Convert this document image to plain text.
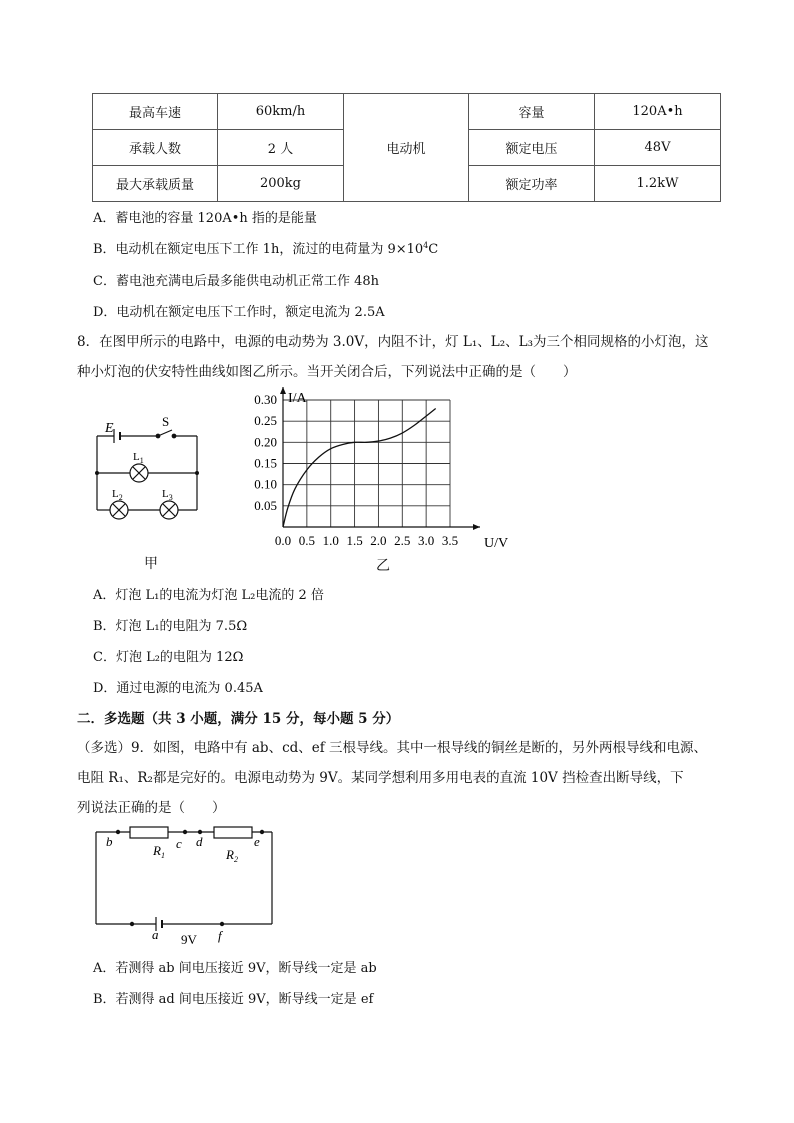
最高车速	60km/h	电动机	容量	120A•h
承载人数	2 人		额定电压	48V
最大承载质量	200kg		额定功率	1.2kW
A．蓄电池的容量 120A•h 指的是能量
B．电动机在额定电压下工作 1h，流过的电荷量为 $9\times 10^4C$
C．蓄电池充满电后最多能供电动机正常工作 48h
D．电动机在额定电压下工作时，额定电流为 2.5A
8．在图甲所示的电路中，电源的电动势为 3.0V，内阻不计，灯 L₁、L₂、L₃为三个相同规格的小灯泡，这
种小灯泡的伏安特性曲线如图乙所示。当开关闭合后，下列说法中正确的是（　　）
E	S
$L_1$
$L_2$	$L_3$
甲
0.0 0.5 1.0 1.5 2.0 2.5 3.0 3.5
0.30
0.25
0.20
0.15
0.10
0.05
I/A
U/V
乙
A．灯泡 L₁的电流为灯泡 L₂电流的 2 倍
B．灯泡 L₁的电阻为 7.5Ω
C．灯泡 L₂的电阻为 12Ω
D．通过电源的电流为 0.45A
二．多选题（共 3 小题，满分 15 分，每小题 5 分）
（多选）9．如图，电路中有 ab、cd、ef 三根导线。其中一根导线的铜丝是断的，另外两根导线和电源、
电阻 R₁、R₂都是完好的。电源电动势为 9V。某同学想利用多用电表的直流 10V 挡检查出断导线，下
列说法正确的是（　　）
b	c d	e
$R_1$	$R_2$
a	f
9V
A．若测得 ab 间电压接近 9V，断导线一定是 ab
B．若测得 ad 间电压接近 9V，断导线一定是 ef
